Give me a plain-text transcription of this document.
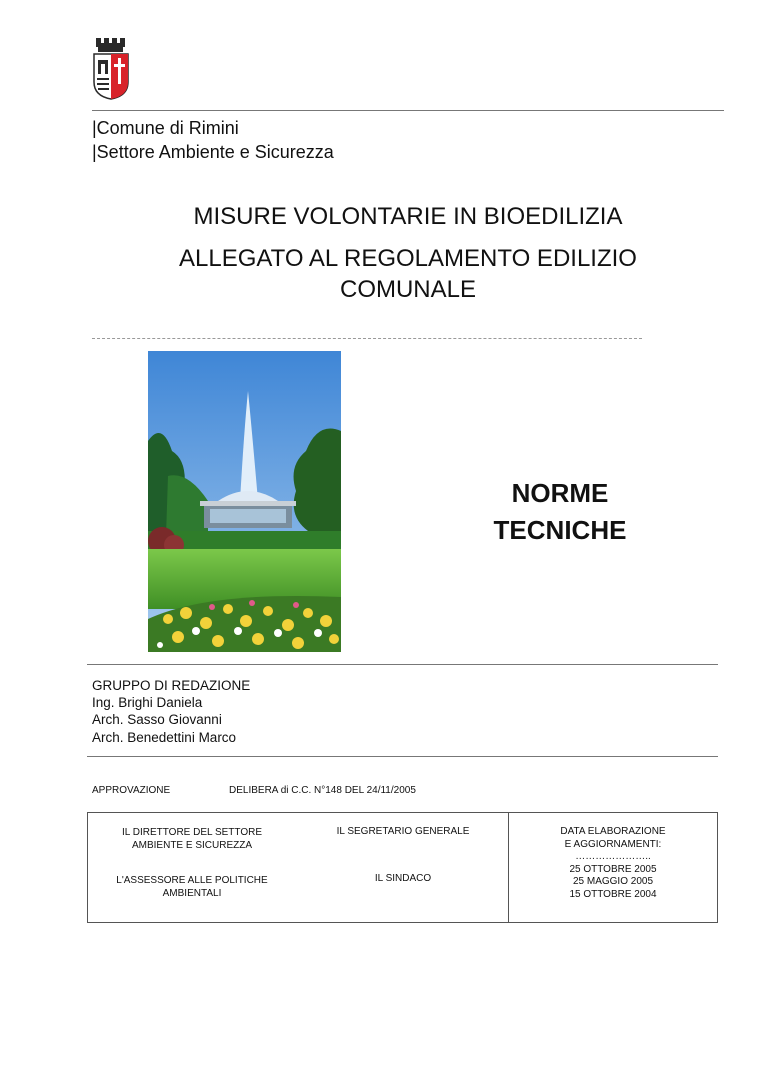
|Comune di Rimini
|Settore Ambiente e Sicurezza
MISURE VOLONTARIE IN BIOEDILIZIA
ALLEGATO AL REGOLAMENTO EDILIZIO
COMUNALE
NORME
TECNICHE
GRUPPO DI REDAZIONE
Ing. Brighi Daniela
Arch. Sasso Giovanni
Arch. Benedettini Marco
APPROVAZIONE	DELIBERA di C.C. N°148 DEL 24/11/2005
IL DIRETTORE DEL SETTORE
AMBIENTE E SICUREZZA
L'ASSESSORE ALLE POLITICHE
AMBIENTALI
IL SEGRETARIO GENERALE
IL SINDACO
DATA ELABORAZIONE
E AGGIORNAMENTI:
…………………..
25 OTTOBRE 2005
25 MAGGIO 2005
15 OTTOBRE 2004
